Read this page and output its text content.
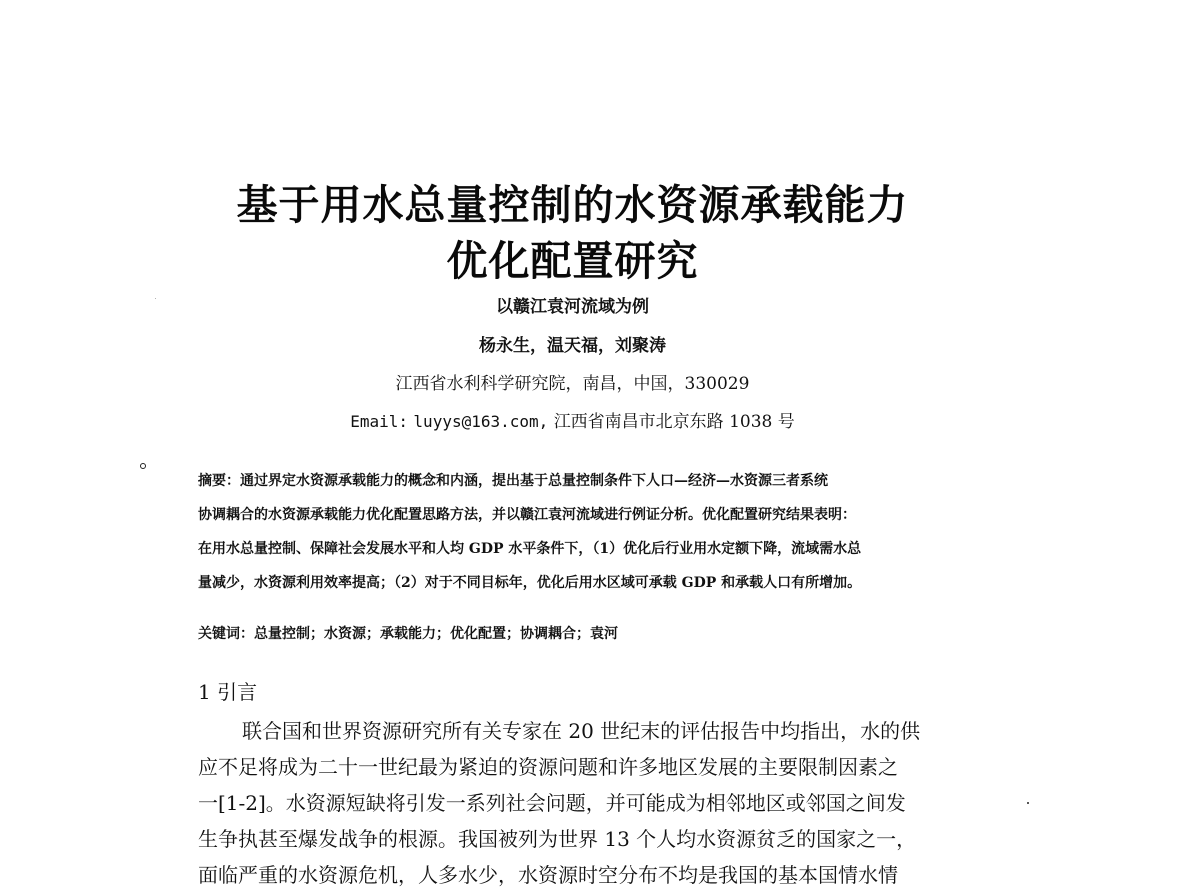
基于用水总量控制的水资源承载能力
优化配置研究
以赣江袁河流域为例
杨永生，温天福，刘聚涛
江西省水利科学研究院，南昌，中国，330029
Email: luyys@163.com, 江西省南昌市北京东路 1038 号
摘要：通过界定水资源承载能力的概念和内涵，提出基于总量控制条件下人口—经济—水资源三者系统
协调耦合的水资源承载能力优化配置思路方法，并以赣江袁河流域进行例证分析。优化配置研究结果表明：
在用水总量控制、保障社会发展水平和人均 GDP 水平条件下，（1）优化后行业用水定额下降，流域需水总
量减少，水资源利用效率提高；（2）对于不同目标年，优化后用水区域可承载 GDP 和承载人口有所增加。
关键词：总量控制；水资源；承载能力；优化配置；协调耦合；袁河
1 引言
联合国和世界资源研究所有关专家在 20 世纪末的评估报告中均指出，水的供
应不足将成为二十一世纪最为紧迫的资源问题和许多地区发展的主要限制因素之
一[1-2]。水资源短缺将引发一系列社会问题，并可能成为相邻地区或邻国之间发
生争执甚至爆发战争的根源。我国被列为世界 13 个人均水资源贫乏的国家之一，
面临严重的水资源危机，人多水少，水资源时空分布不均是我国的基本国情水情
